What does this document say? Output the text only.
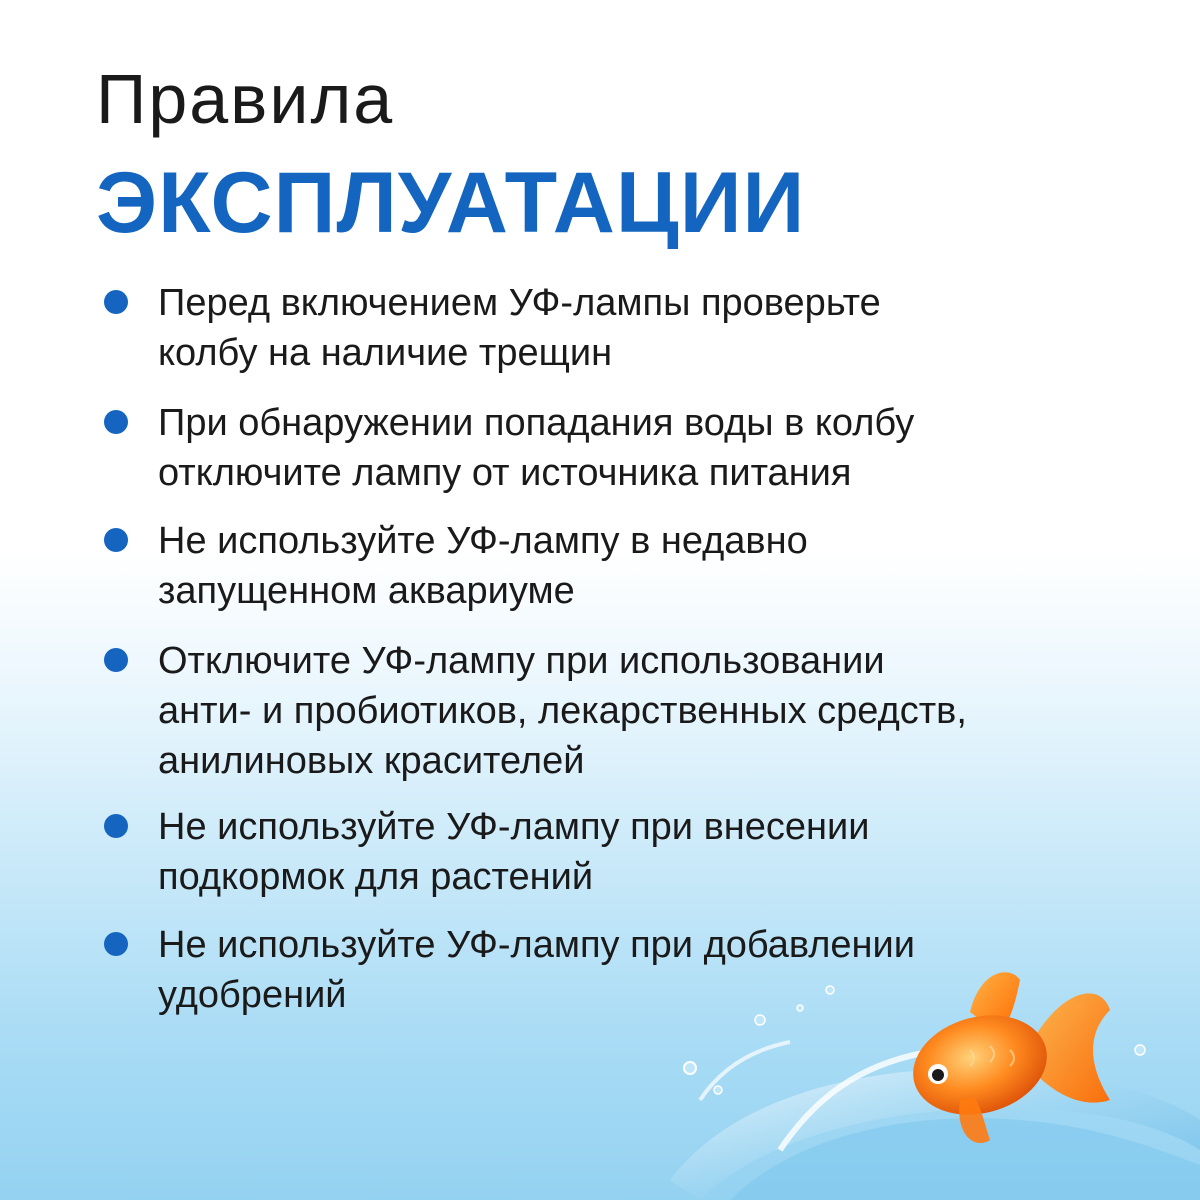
Правила
ЭКСПЛУАТАЦИИ
Перед включением УФ-лампы проверьте
колбу на наличие трещин
При обнаружении попадания воды в колбу
отключите лампу от источника питания
Не используйте УФ-лампу в недавно
запущенном аквариуме
Отключите УФ-лампу при использовании
анти- и пробиотиков, лекарственных средств,
анилиновых красителей
Не используйте УФ-лампу при внесении
подкормок для растений
Не используйте УФ-лампу при добавлении
удобрений
